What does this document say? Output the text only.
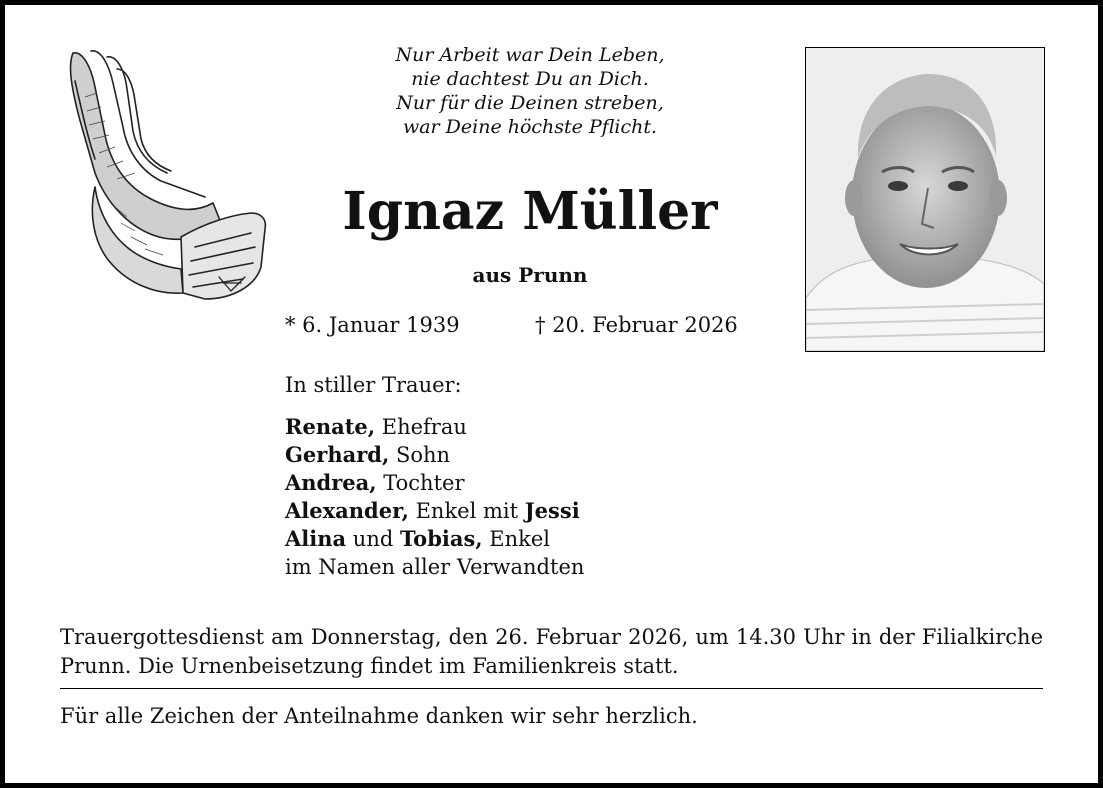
Nur Arbeit war Dein Leben,
nie dachtest Du an Dich.
Nur für die Deinen streben,
war Deine höchste Pflicht.
Ignaz Müller
aus Prunn
* 6. Januar 1939	† 20. Februar 2026
In stiller Trauer:
Renate, Ehefrau
Gerhard, Sohn
Andrea, Tochter
Alexander, Enkel mit Jessi
Alina und Tobias, Enkel
im Namen aller Verwandten
Trauergottesdienst am Donnerstag, den 26. Februar 2026, um 14.30 Uhr in der Filialkirche Prunn. Die Urnenbeisetzung findet im Familienkreis statt.
Für alle Zeichen der Anteilnahme danken wir sehr herzlich.
